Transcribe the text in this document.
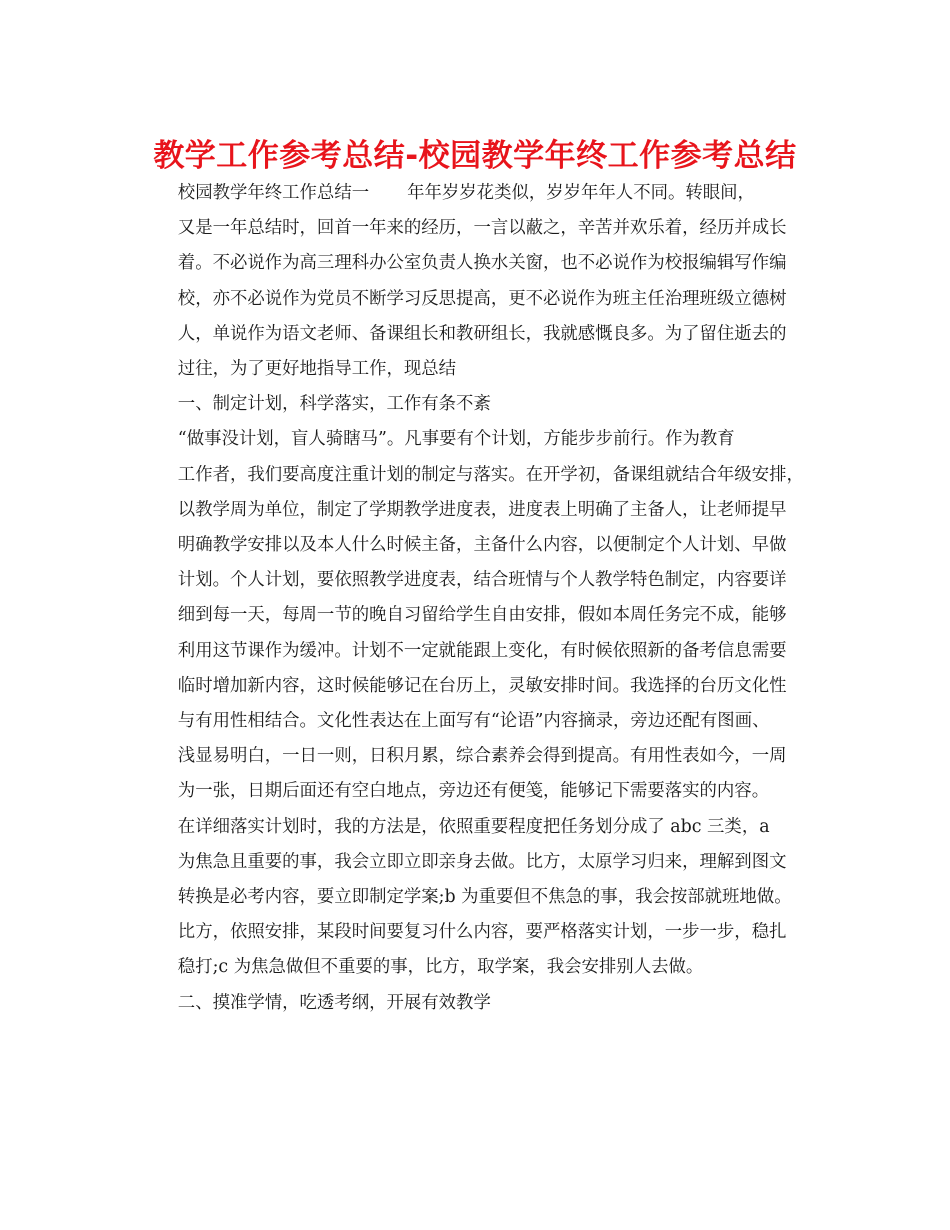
教学工作参考总结-校园教学年终工作参考总结

校园教学年终工作总结一 年年岁岁花类似，岁岁年年人不同。转眼间，
又是一年总结时，回首一年来的经历，一言以蔽之，辛苦并欢乐着，经历并成长
着。不必说作为高三理科办公室负责人换水关窗，也不必说作为校报编辑写作编
校，亦不必说作为党员不断学习反思提高，更不必说作为班主任治理班级立德树
人，单说作为语文老师、备课组长和教研组长，我就感慨良多。为了留住逝去的
过往，为了更好地指导工作，现总结

一、制定计划，科学落实，工作有条不紊

“做事没计划，盲人骑瞎马”。凡事要有个计划，方能步步前行。作为教育
工作者，我们要高度注重计划的制定与落实。在开学初，备课组就结合年级安排，
以教学周为单位，制定了学期教学进度表，进度表上明确了主备人，让老师提早
明确教学安排以及本人什么时候主备，主备什么内容，以便制定个人计划、早做
计划。个人计划，要依照教学进度表，结合班情与个人教学特色制定，内容要详
细到每一天，每周一节的晚自习留给学生自由安排，假如本周任务完不成，能够
利用这节课作为缓冲。计划不一定就能跟上变化，有时候依照新的备考信息需要
临时增加新内容，这时候能够记在台历上，灵敏安排时间。我选择的台历文化性
与有用性相结合。文化性表达在上面写有“论语”内容摘录，旁边还配有图画、
浅显易明白，一日一则，日积月累，综合素养会得到提高。有用性表如今，一周
为一张，日期后面还有空白地点，旁边还有便笺，能够记下需要落实的内容。

在详细落实计划时，我的方法是，依照重要程度把任务划分成了 abc 三类，a
为焦急且重要的事，我会立即立即亲身去做。比方，太原学习归来，理解到图文
转换是必考内容，要立即制定学案;b 为重要但不焦急的事，我会按部就班地做。
比方，依照安排，某段时间要复习什么内容，要严格落实计划，一步一步，稳扎
稳打;c 为焦急做但不重要的事，比方，取学案，我会安排别人去做。

二、摸准学情，吃透考纲，开展有效教学
